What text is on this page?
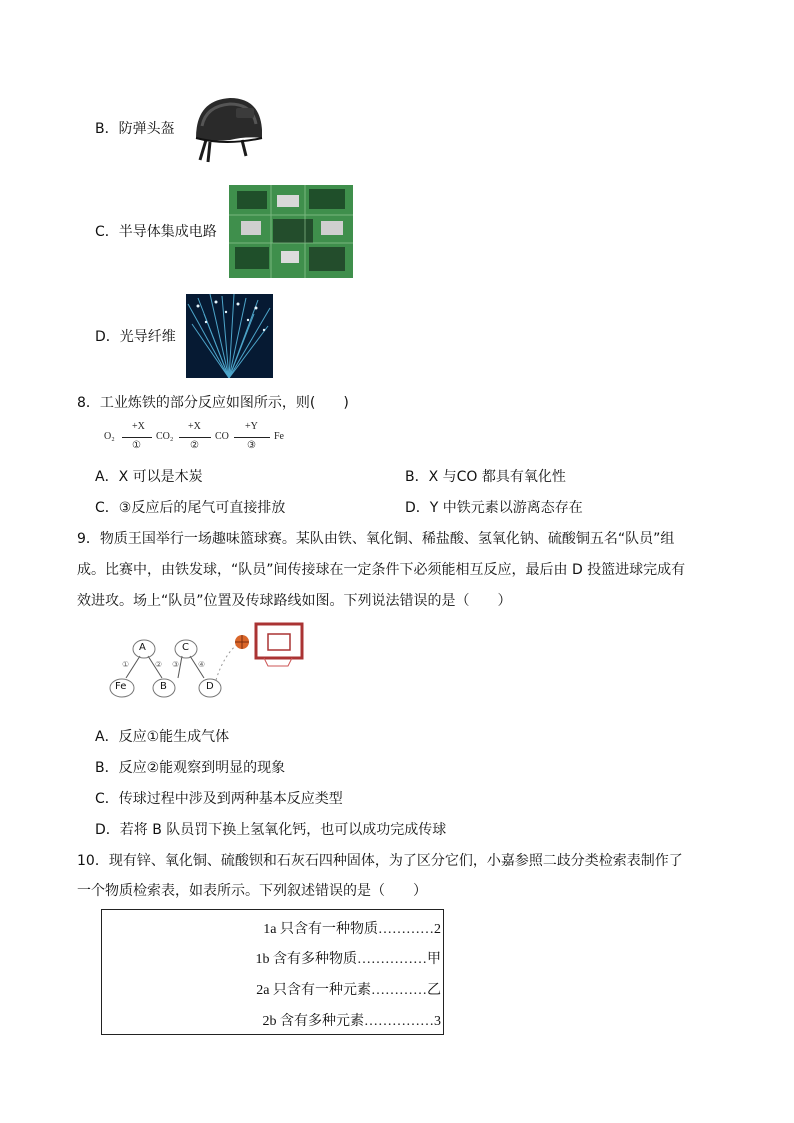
B．防弹头盔
C．半导体集成电路
D．光导纤维
8．工业炼铁的部分反应如图所示，则(　　)
O₂
+X
①
CO₂
+X
②
CO
+Y
③
Fe
A．X 可以是木炭	B．X 与CO 都具有氧化性
C．③反应后的尾气可直接排放	D．Y 中铁元素以游离态存在
9．物质王国举行一场趣味篮球赛。某队由铁、氧化铜、稀盐酸、氢氧化钠、硫酸铜五名“队员”组
成。比赛中，由铁发球，“队员”间传接球在一定条件下必须能相互反应，最后由 D 投篮进球完成有
效进攻。场上“队员”位置及传球路线如图。下列说法错误的是（　　）
A	C
Fe	B	D
①	② ③ ④
A．反应①能生成气体
B．反应②能观察到明显的现象
C．传球过程中涉及到两种基本反应类型
D．若将 B 队员罚下换上氢氧化钙，也可以成功完成传球
10．现有锌、氧化铜、硫酸钡和石灰石四种固体，为了区分它们，小嘉参照二歧分类检索表制作了
一个物质检索表，如表所示。下列叙述错误的是（　　）
1a 只含有一种物质…………2
1b 含有多种物质……………甲
2a 只含有一种元素…………乙
2b 含有多种元素……………3
